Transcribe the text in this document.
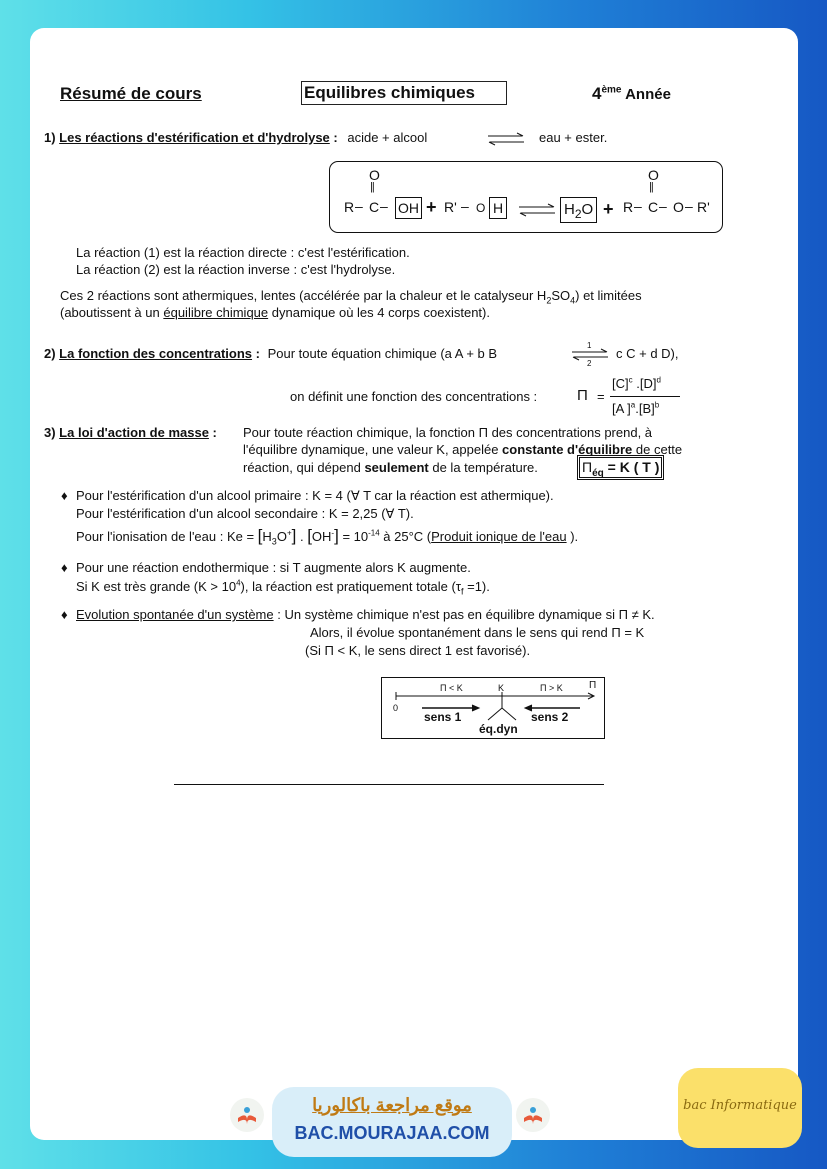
Résumé de cours	Equilibres chimiques	4ème Année
1) Les réactions d'estérification et d'hydrolyse : acide + alcool	⇌ eau + ester.
O
||
R – C – OH + R' – O H	$H_2O + R$ –
O
||
C – O – R'
La réaction (1) est la réaction directe : c'est l'estérification.
La réaction (2) est la réaction inverse : c'est l'hydrolyse.
Ces 2 réactions sont athermiques, lentes (accélérée par la chaleur et le catalyseur $H_2SO_4$) et limitées
(aboutissent à un équilibre chimique dynamique où les 4 corps coexistent).
2) La fonction des concentrations : Pour toute équation chimique (a A + b B
1
2
c C + d D),
on définit une fonction des concentrations :	Π =
$[C]^c$ $.[D]^d$
[A ]$^a.[B]^b$
3) La loi d'action de masse : Pour toute réaction chimique, la fonction Π des concentrations prend, à
l'équilibre dynamique, une valeur K, appelée constante d'équilibre de cette
réaction, qui dépend seulement de la température.	$\Pi_{éq} = K$ ( T )
♦ Pour l'estérification d'un alcool primaire : K = 4 (∀ T car la réaction est athermique).
Pour l'estérification d'un alcool secondaire : K = 2,25 (∀ T).
Pour l'ionisation de l'eau : $Ke = [H_3O^+]$ . $[OH^-] = 10^{-14}$ à 25°C (Produit ionique de l'eau ).
♦ Pour une réaction endothermique : si T augmente alors K augmente.
Si K est très grande $(K > 10^4)$, la réaction est pratiquement totale $(\tau_f =1)$.
♦ Evolution spontanée d'un système : Un système chimique n'est pas en équilibre dynamique si Π ≠ K.
Alors, il évolue spontanément dans le sens qui rend Π = K
(Si Π < K, le sens direct 1 est favorisé).
0
Π < K	K	Π > K	Π
sens 1	sens 2
éq.dyn
موقع مراجعة باكالوريا
BAC.MOURAJAA.COM
bac Informatique
